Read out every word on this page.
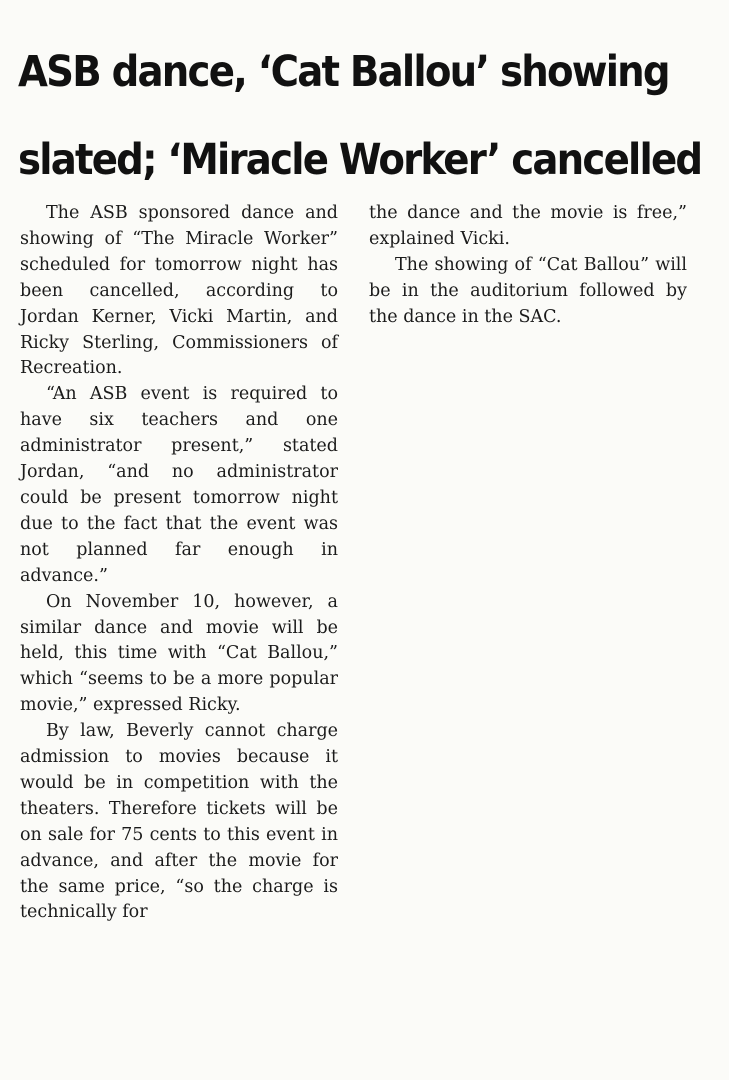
ASB dance, ‘Cat Ballou’ showing
slated; ‘Miracle Worker’ cancelled

The ASB sponsored dance and showing of “The Miracle Worker” scheduled for tomorrow night has been cancelled, according to Jordan Kerner, Vicki Martin, and Ricky Sterling, Commissioners of Recreation.

“An ASB event is required to have six teachers and one administrator present,” stated Jordan, “and no administrator could be present tomorrow night due to the fact that the event was not planned far enough in advance.”

On November 10, however, a similar dance and movie will be held, this time with “Cat Ballou,” which “seems to be a more popular movie,” expressed Ricky.

By law, Beverly cannot charge admission to movies because it would be in competition with the theaters. Therefore tickets will be on sale for 75 cents to this event in advance, and after the movie for the same price, “so the charge is technically for

the dance and the movie is free,” explained Vicki.

The showing of “Cat Ballou” will be in the auditorium followed by the dance in the SAC.
